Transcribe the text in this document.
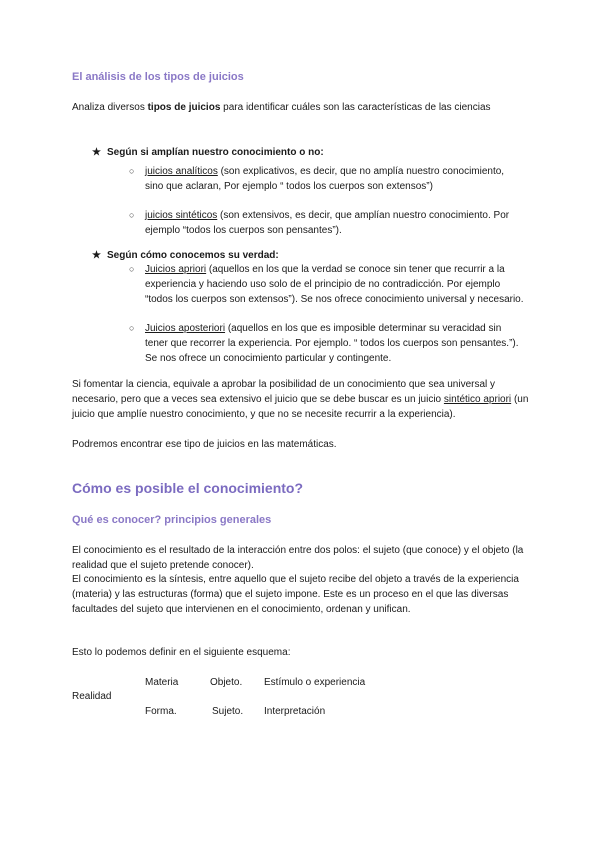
El análisis de los tipos de juicios
Analiza diversos tipos de juicios para identificar cuáles son las características de las ciencias
★ Según si amplían nuestro conocimiento o no:
○ juicios analíticos (son explicativos, es decir, que no amplía nuestro conocimiento, sino que aclaran, Por ejemplo “ todos los cuerpos son extensos”)
○ juicios sintéticos (son extensivos, es decir, que amplían nuestro conocimiento. Por ejemplo “todos los cuerpos son pensantes”).
★ Según cómo conocemos su verdad:
○ Juicios apriori (aquellos en los que la verdad se conoce sin tener que recurrir a la experiencia y haciendo uso solo de el principio de no contradicción. Por ejemplo “todos los cuerpos son extensos”). Se nos ofrece conocimiento universal y necesario.
○ Juicios aposteriori (aquellos en los que es imposible determinar su veracidad sin tener que recorrer la experiencia. Por ejemplo. “ todos los cuerpos son pensantes.”). Se nos ofrece un conocimiento particular y contingente.
Si fomentar la ciencia, equivale a aprobar la posibilidad de un conocimiento que sea universal y necesario, pero que a veces sea extensivo el juicio que se debe buscar es un juicio sintético apriori (un juicio que amplíe nuestro conocimiento, y que no se necesite recurrir a la experiencia).
Podremos encontrar ese tipo de juicios en las matemáticas.
Cómo es posible el conocimiento?
Qué es conocer? principios generales
El conocimiento es el resultado de la interacción entre dos polos: el sujeto (que conoce) y el objeto (la realidad que el sujeto pretende conocer).
El conocimiento es la síntesis, entre aquello que el sujeto recibe del objeto a través de la experiencia (materia) y las estructuras (forma) que el sujeto impone. Este es un proceso en el que las diversas facultades del sujeto que intervienen en el conocimiento, ordenan y unifican.
Esto lo podemos definir en el siguiente esquema:
Realidad
Materia	Objeto. Estímulo o experiencia
Forma.	Sujeto. Interpretación
